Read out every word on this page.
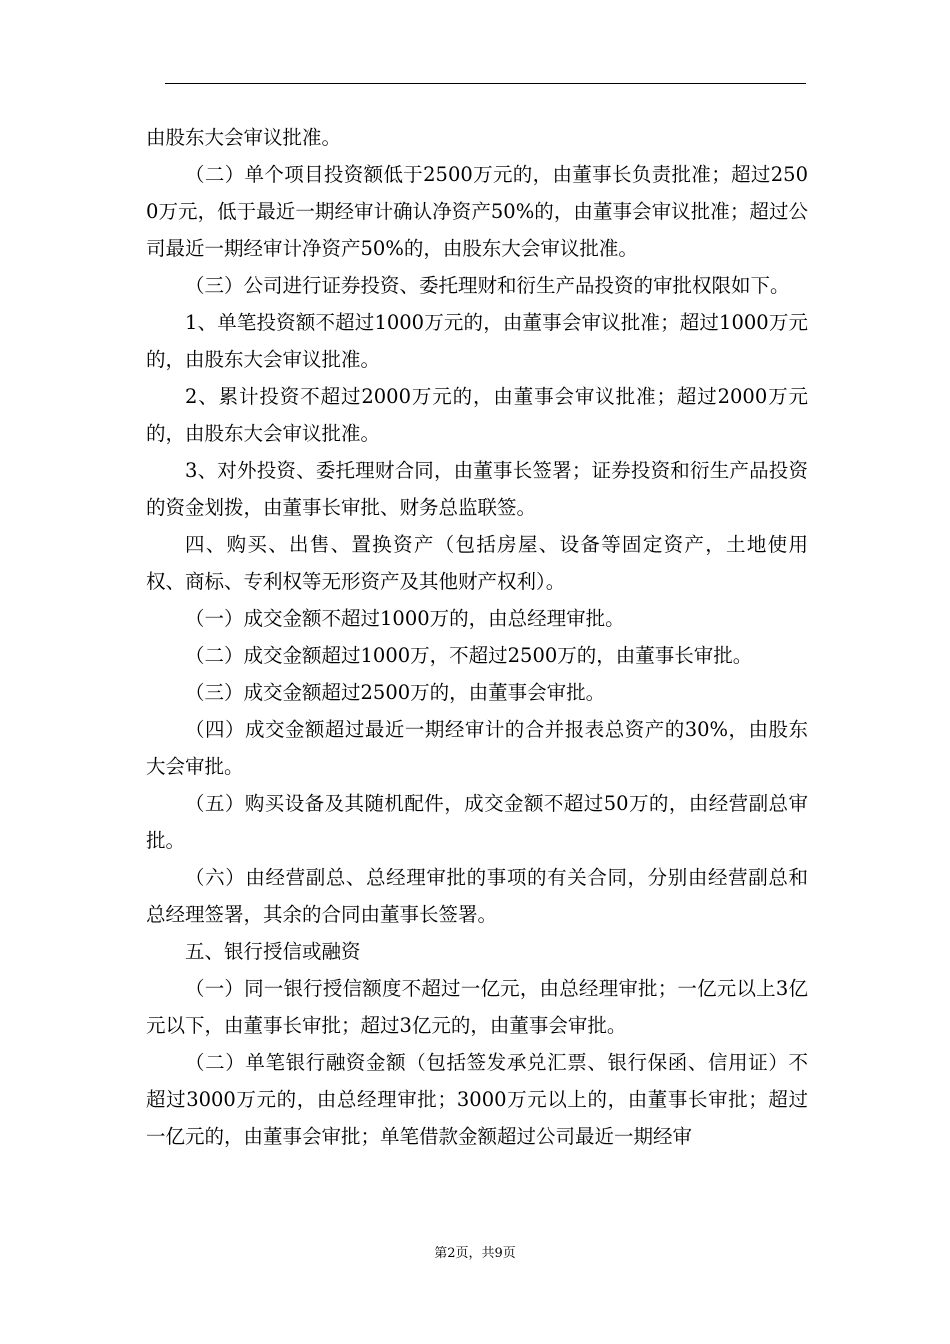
由股东大会审议批准。

（二）单个项目投资额低于2500万元的，由董事长负责批准；超过2500万元，低于最近一期经审计确认净资产50%的，由董事会审议批准；超过公司最近一期经审计净资产50%的，由股东大会审议批准。

（三）公司进行证券投资、委托理财和衍生产品投资的审批权限如下。

1、单笔投资额不超过1000万元的，由董事会审议批准；超过1000万元的，由股东大会审议批准。

2、累计投资不超过2000万元的，由董事会审议批准；超过2000万元的，由股东大会审议批准。

3、对外投资、委托理财合同，由董事长签署；证券投资和衍生产品投资的资金划拨，由董事长审批、财务总监联签。

四、购买、出售、置换资产（包括房屋、设备等固定资产，土地使用权、商标、专利权等无形资产及其他财产权利）。

（一）成交金额不超过1000万的，由总经理审批。

（二）成交金额超过1000万，不超过2500万的，由董事长审批。

（三）成交金额超过2500万的，由董事会审批。

（四）成交金额超过最近一期经审计的合并报表总资产的30%，由股东大会审批。

（五）购买设备及其随机配件，成交金额不超过50万的，由经营副总审批。

（六）由经营副总、总经理审批的事项的有关合同，分别由经营副总和总经理签署，其余的合同由董事长签署。

五、银行授信或融资

（一）同一银行授信额度不超过一亿元，由总经理审批；一亿元以上3亿元以下，由董事长审批；超过3亿元的，由董事会审批。

（二）单笔银行融资金额（包括签发承兑汇票、银行保函、信用证）不超过3000万元的，由总经理审批；3000万元以上的，由董事长审批；超过一亿元的，由董事会审批；单笔借款金额超过公司最近一期经审

第2页，共9页
